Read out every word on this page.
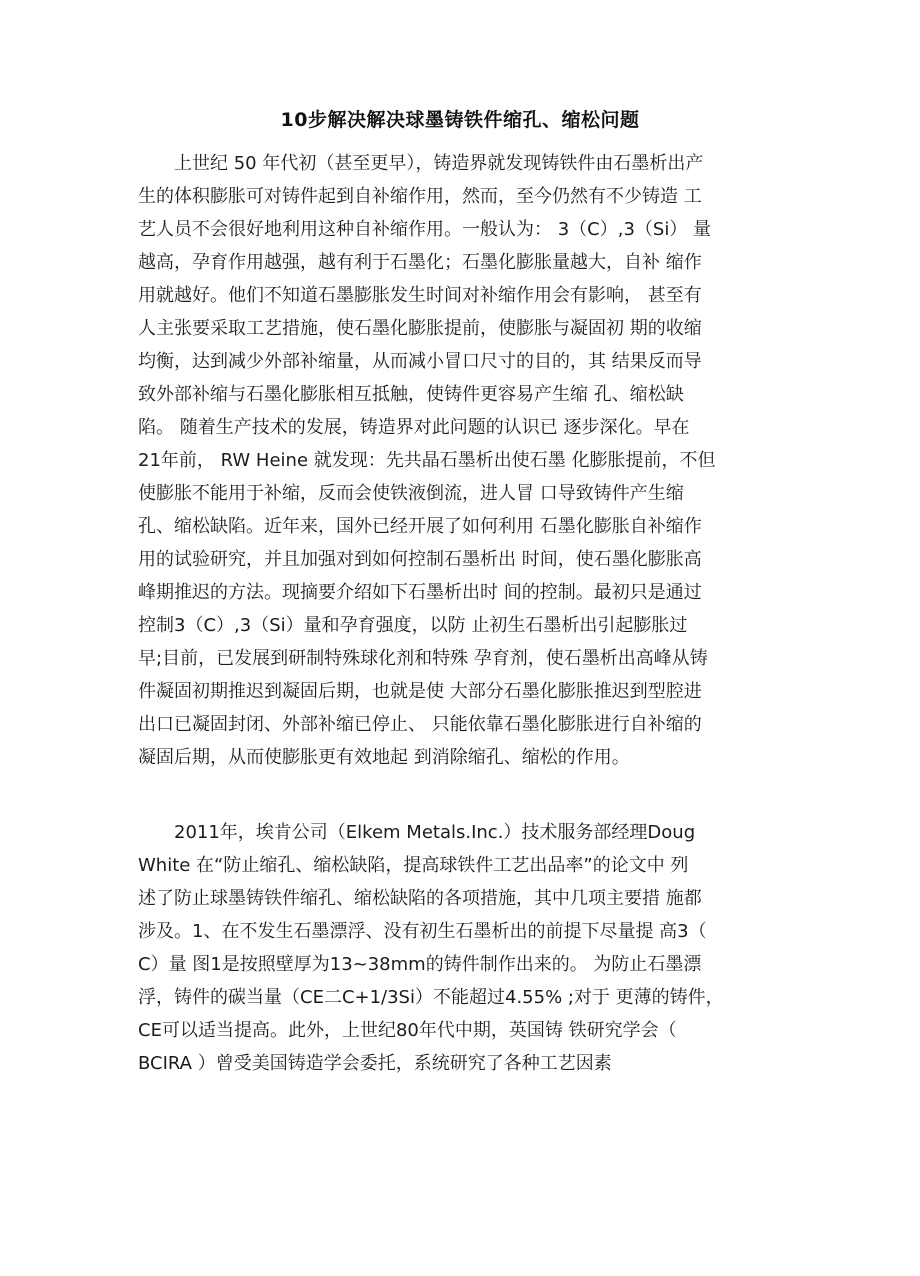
10步解决解决球墨铸铁件缩孔、缩松问题
　　上世纪 50 年代初（甚至更早），铸造界就发现铸铁件由石墨析出产
生的体积膨胀可对铸件起到自补缩作用，然而，至今仍然有不少铸造 工
艺人员不会很好地利用这种自补缩作用。一般认为： 3（C）,3（Si） 量
越高，孕育作用越强，越有利于石墨化；石墨化膨胀量越大，自补 缩作
用就越好。他们不知道石墨膨胀发生时间对补缩作用会有影响， 甚至有
人主张要采取工艺措施，使石墨化膨胀提前，使膨胀与凝固初 期的收缩
均衡，达到减少外部补缩量，从而减小冒口尺寸的目的，其 结果反而导
致外部补缩与石墨化膨胀相互抵触，使铸件更容易产生缩 孔、缩松缺
陷。 随着生产技术的发展，铸造界对此问题的认识已 逐步深化。早在
21年前， RW Heine 就发现：先共晶石墨析出使石墨 化膨胀提前，不但
使膨胀不能用于补缩，反而会使铁液倒流，进人冒 口导致铸件产生缩
孔、缩松缺陷。近年来，国外已经开展了如何利用 石墨化膨胀自补缩作
用的试验研究，并且加强对到如何控制石墨析出 时间，使石墨化膨胀高
峰期推迟的方法。现摘要介绍如下石墨析出时 间的控制。最初只是通过
控制3（C）,3（Si）量和孕育强度，以防 止初生石墨析出引起膨胀过
早;目前，已发展到研制特殊球化剂和特殊 孕育剂，使石墨析出高峰从铸
件凝固初期推迟到凝固后期，也就是使 大部分石墨化膨胀推迟到型腔进
出口已凝固封闭、外部补缩已停止、 只能依靠石墨化膨胀进行自补缩的
凝固后期，从而使膨胀更有效地起 到消除缩孔、缩松的作用。
　　2011年，埃肯公司（Elkem Metals.Inc.）技术服务部经理Doug
White 在“防止缩孔、缩松缺陷，提高球铁件工艺出品率”的论文中 列
述了防止球墨铸铁件缩孔、缩松缺陷的各项措施，其中几项主要措 施都
涉及。1、在不发生石墨漂浮、没有初生石墨析出的前提下尽量提 高3（
C）量 图1是按照壁厚为13~38mm的铸件制作出来的。 为防止石墨漂
浮，铸件的碳当量（CE二C+1/3Si）不能超过4.55% ;对于 更薄的铸件，
CE可以适当提高。此外，上世纪80年代中期，英国铸 铁研究学会（
BCIRA ）曾受美国铸造学会委托，系统研究了各种工艺因素
